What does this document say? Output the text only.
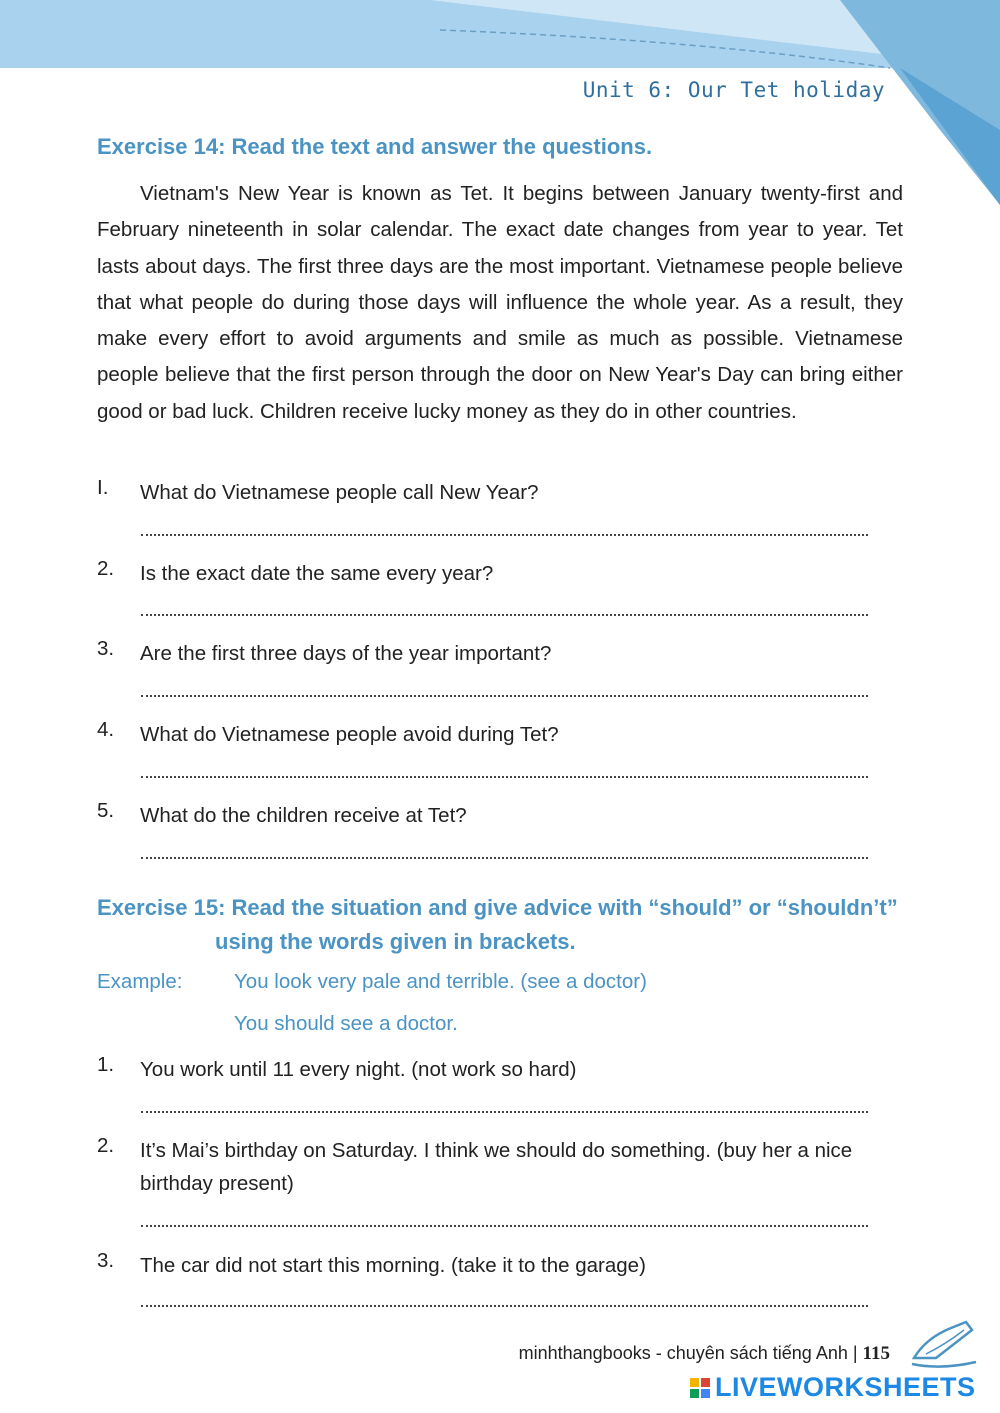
Unit 6: Our Tet holiday
Exercise 14: Read the text and answer the questions.
Vietnam's New Year is known as Tet. It begins between January twenty-first and February nineteenth in solar calendar. The exact date changes from year to year. Tet lasts about days. The first three days are the most important. Vietnamese people believe that what people do during those days will influence the whole year. As a result, they make every effort to avoid arguments and smile as much as possible. Vietnamese people believe that the first person through the door on New Year's Day can bring either good or bad luck. Children receive lucky money as they do in other countries.
I.	What do Vietnamese people call New Year?
2.	Is the exact date the same every year?
3.	Are the first three days of the year important?
4.	What do Vietnamese people avoid during Tet?
5.	What do the children receive at Tet?
Exercise 15: Read the situation and give advice with “should” or “shouldn’t”
using the words given in brackets.
Example:	You look very pale and terrible. (see a doctor)
You should see a doctor.
1.	You work until 11 every night. (not work so hard)
2.	It’s Mai’s birthday on Saturday. I think we should do something. (buy her a nice birthday present)
3.	The car did not start this morning. (take it to the garage)
minhthangbooks - chuyên sách tiếng Anh | 115
LIVEWORKSHEETS
